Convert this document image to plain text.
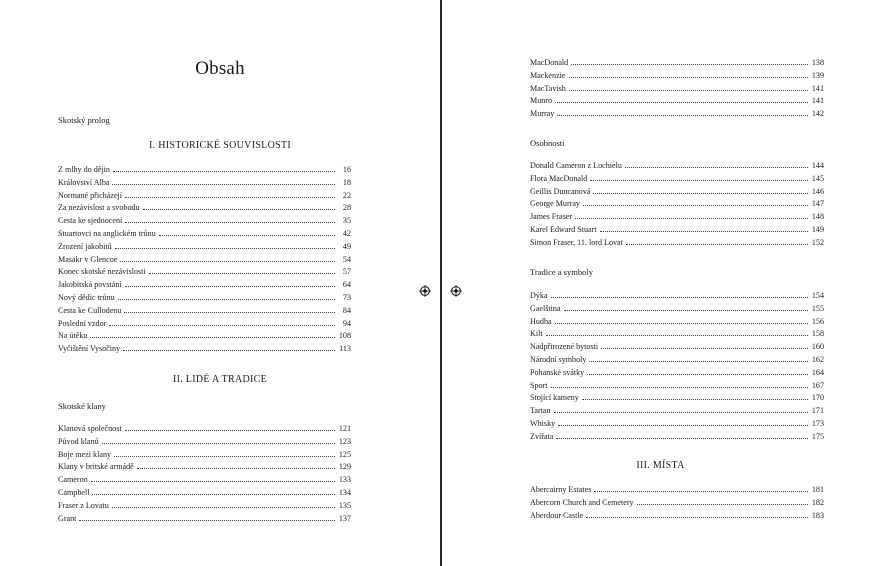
Obsah
Skotský prolog
I. HISTORICKÉ SOUVISLOSTI
Z mlhy do dějin	16
Království Alba	18
Normané přicházejí	22
Za nezávislost a svobodu	28
Cesta ke sjednocení	35
Stuartovci na anglickém trůnu	42
Zrození jakobitů	49
Masakr v Glencoe	54
Konec skotské nezávislosti	57
Jakobitská povstání	64
Nový dědic trůnu	73
Cesta ke Cullodenu	84
Poslední vzdor	94
Na útěku	108
Vyčištění Vysočiny	113
II. LIDÉ A TRADICE
Skotské klany
Klanová společnost	121
Původ klanů	123
Boje mezi klany	125
Klany v britské armádě	129
Cameron	133
Campbell	134
Fraser z Lovatu	135
Grant	137
MacDonald	138
Mackenzie	139
MacTavish	141
Munro	141
Murray	142
Osobnosti
Donald Cameron z Lochielu	144
Flora MacDonald	145
Geillis Duncanová	146
George Murray	147
James Fraser	148
Karel Edward Stuart	149
Simon Fraser, 11. lord Lovat	152
Tradice a symboly
Dýka	154
Gaelština	155
Hudba	156
Kilt	158
Nadpřirozené bytosti	160
Národní symboly	162
Pohanské svátky	164
Sport	167
Stojící kameny	170
Tartan	171
Whisky	173
Zvířata	175
III. MÍSTA
Abercairny Estates	181
Abercorn Church and Cemetery	182
Aberdour Castle	183
